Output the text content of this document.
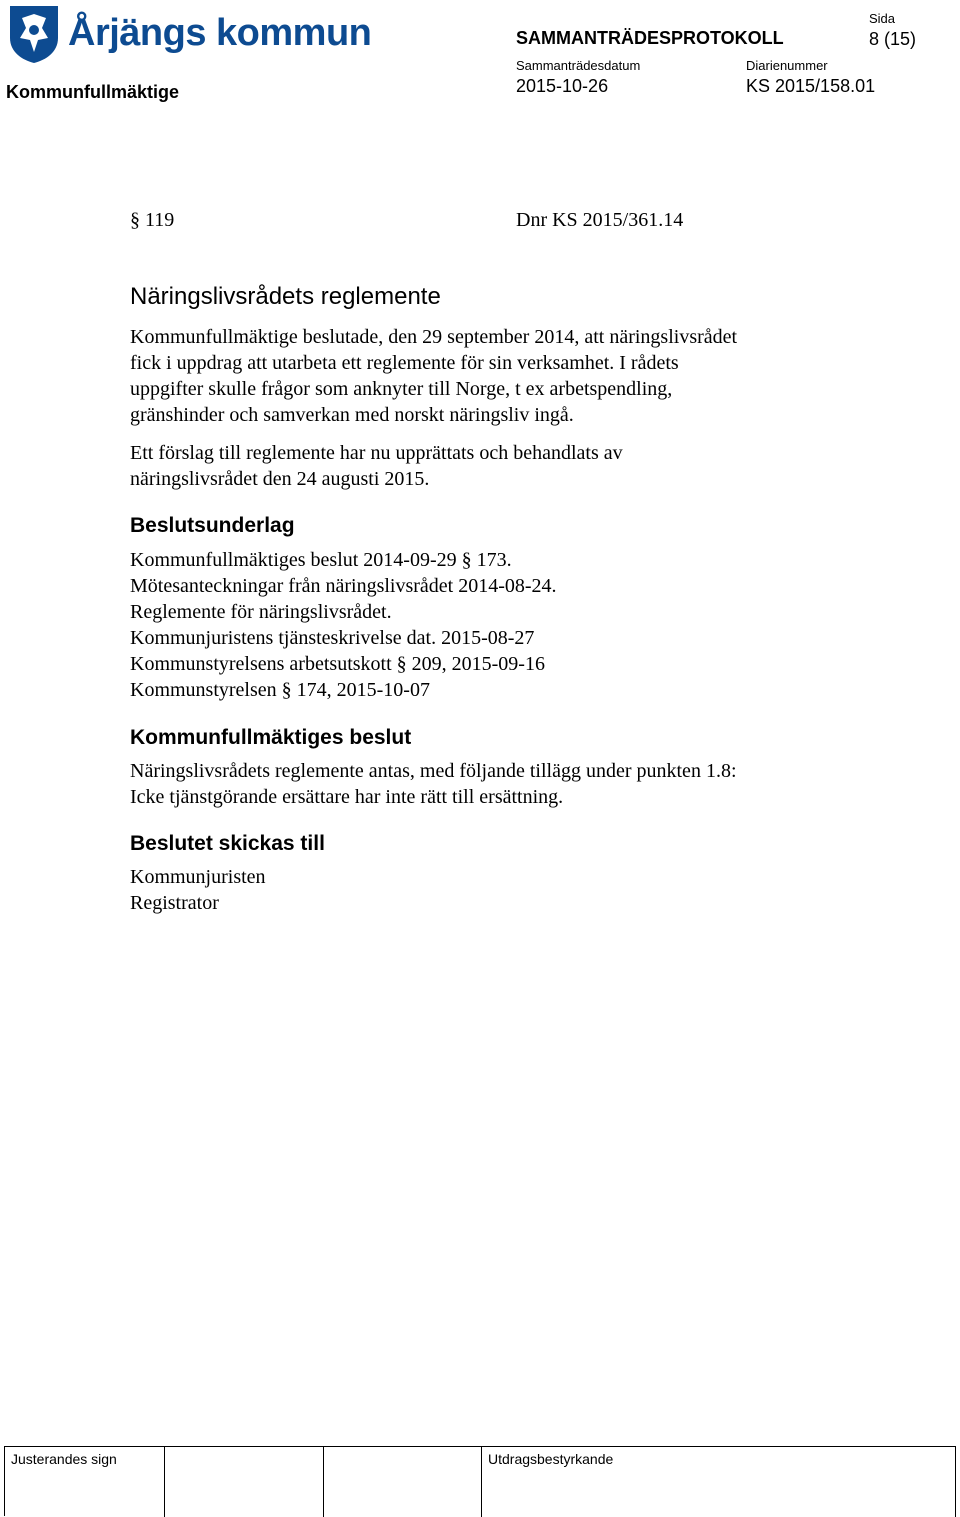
Årjängs kommun
Kommunfullmäktige
SAMMANTRÄDESPROTOKOLL
Sida
8 (15)
Sammanträdesdatum
2015-10-26
Diarienummer
KS 2015/158.01
§ 119	Dnr KS 2015/361.14
Näringslivsrådets reglemente
Kommunfullmäktige beslutade, den 29 september 2014, att näringslivsrådet
fick i uppdrag att utarbeta ett reglemente för sin verksamhet. I rådets
uppgifter skulle frågor som anknyter till Norge, t ex arbetspendling,
gränshinder och samverkan med norskt näringsliv ingå.
Ett förslag till reglemente har nu upprättats och behandlats av
näringslivsrådet den 24 augusti 2015.
Beslutsunderlag
Kommunfullmäktiges beslut 2014-09-29 § 173.
Mötesanteckningar från näringslivsrådet 2014-08-24.
Reglemente för näringslivsrådet.
Kommunjuristens tjänsteskrivelse dat. 2015-08-27
Kommunstyrelsens arbetsutskott § 209, 2015-09-16
Kommunstyrelsen § 174, 2015-10-07
Kommunfullmäktiges beslut
Näringslivsrådets reglemente antas, med följande tillägg under punkten 1.8:
Icke tjänstgörande ersättare har inte rätt till ersättning.
Beslutet skickas till
Kommunjuristen
Registrator
Justerandes sign	Utdragsbestyrkande
